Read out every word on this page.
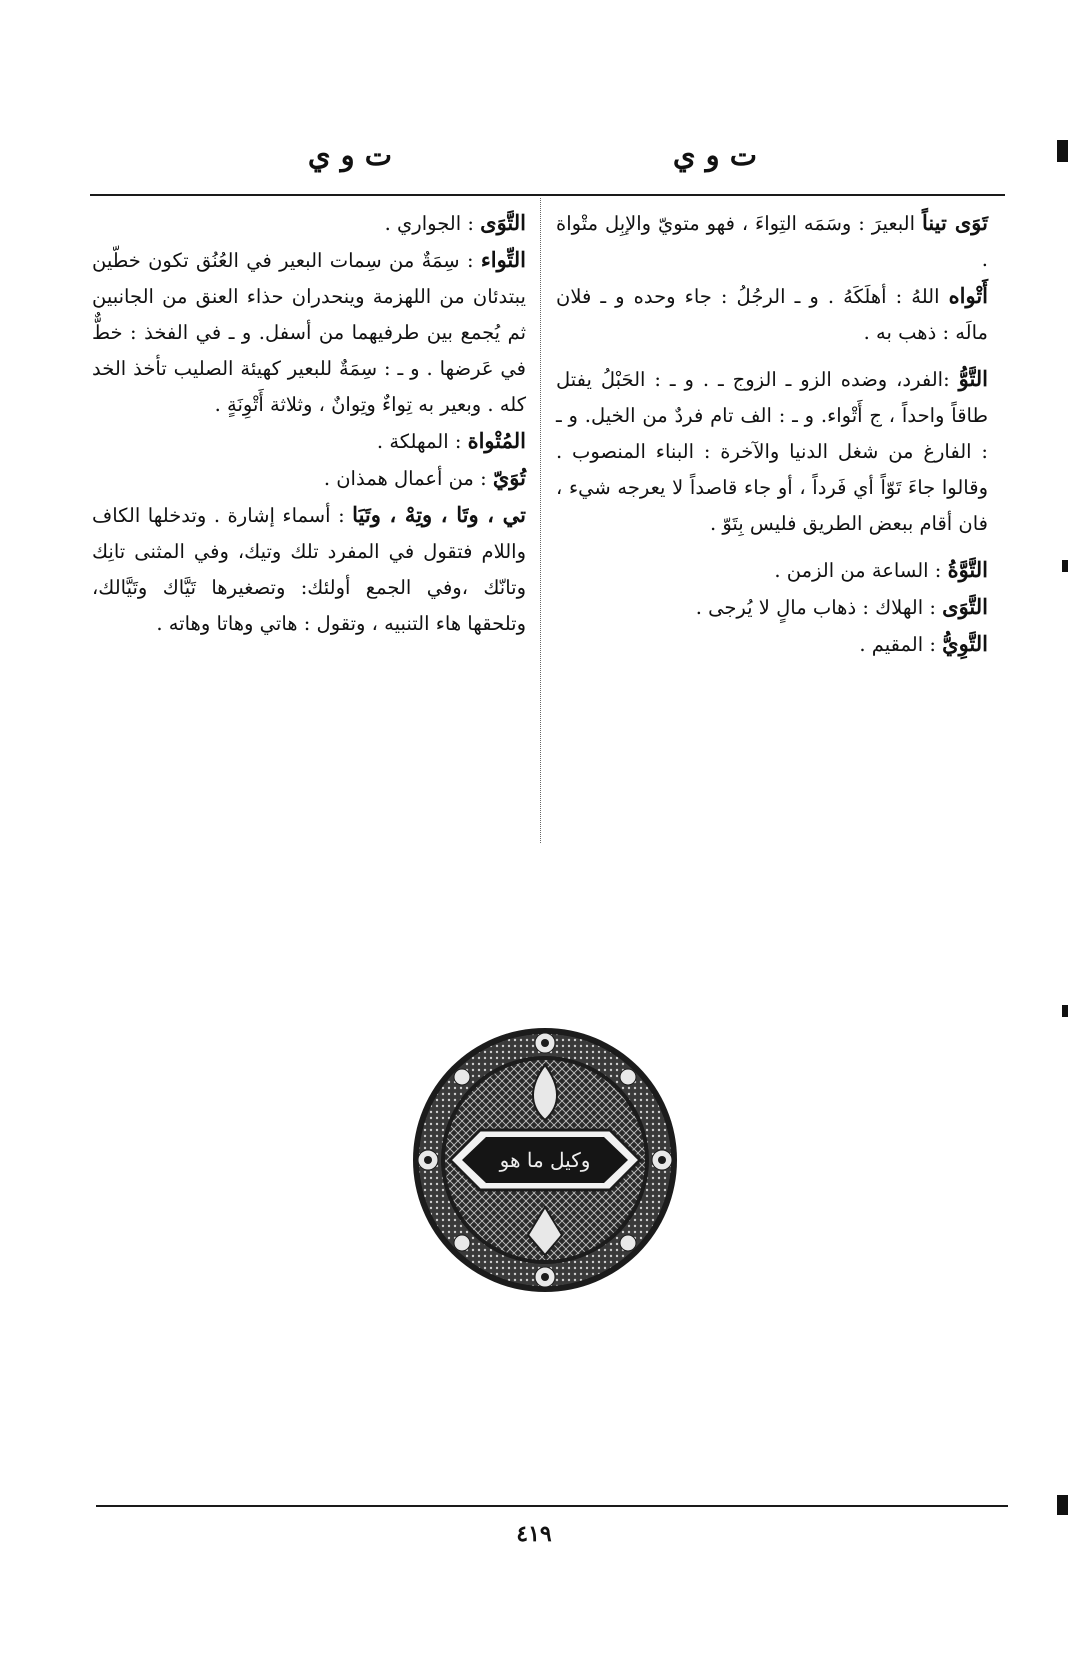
ت و ي
ت و ي

تَوَى تيناً البعيرَ : وسَمَه التِواءَ ، فهو متويّ والإبِل متْواة .

أَتْواه اللهُ : أهلَكَهُ . و ـ الرجُلُ : جاء وحده و ـ فلان مالَه : ذهب به .

التَّوُّ :الفرد، وضده الزو ـ الزوج ـ . و ـ : الحَبْلُ يفتل طاقاً واحداً ، ج أَتْواء. و ـ : الف تام فردٌ من الخيل. و ـ : الفارغ من شغل الدنيا والآخرة : البناء المنصوب . وقالوا جاءَ تَوّاً أي فَرداً ، أو جاء قاصداً لا يعرجه شيء ، فان أقام ببعض الطريق فليس بِتَوّ .

التَّوَّةُ : الساعة من الزمن .

التَّوَى : الهلاك : ذهاب مالٍ لا يُرجى .

التَّوِيُّ : المقيم .

التَّوَى : الجواري .

التِّواء : سِمَةٌ من سِمات البعير في العُنُق تكون خطّين يبتدئان من اللهزمة وينحدران حذاء العنق من الجانبين ثم يُجمع بين طرفيهما من أسفل. و ـ في الفخذ : خطٌّ في عَرضها . و ـ : سِمَةٌ للبعير كهيئة الصليب تأخذ الخد كله . وبعير به تِواءٌ وتِوانٌ ، وثلاثة أَتْوِنَةٍ .

المُتْواة : المهلكة .

تُوَيّ : من أعمال همذان .

تي ، وتَا ، وتِهْ ، وتَيَا : أسماء إشارة . وتدخلها الكاف واللام فتقول في المفرد تلك وتيك، وفي المثنى تانِك وتانّك ،وفي الجمع أولئك: وتصغيرها تَيَّاك وتَيَّالك، وتلحقها هاء التنبيه ، وتقول : هاتي وهاتا وهاته .

وكيل ما هو
٤١٩
